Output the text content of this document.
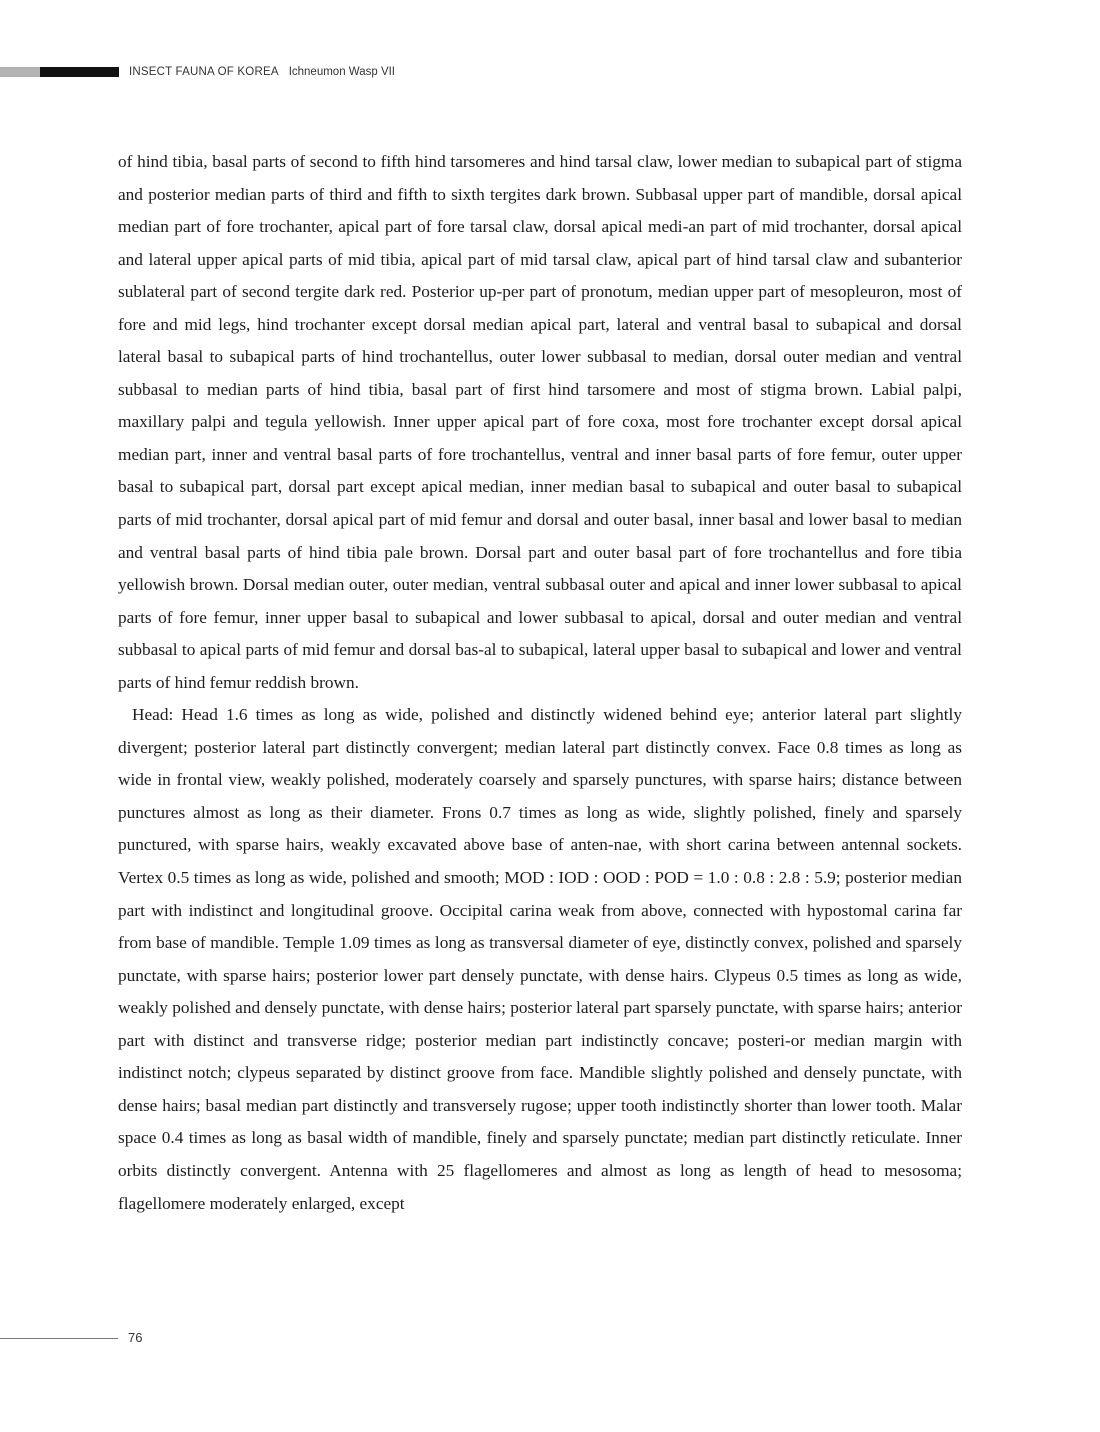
INSECT FAUNA OF KOREA Ichneumon Wasp VII

of hind tibia, basal parts of second to fifth hind tarsomeres and hind tarsal claw, lower median to subapical part of stigma and posterior median parts of third and fifth to sixth tergites dark brown. Subbasal upper part of mandible, dorsal apical median part of fore trochanter, apical part of fore tarsal claw, dorsal apical medi-an part of mid trochanter, dorsal apical and lateral upper apical parts of mid tibia, apical part of mid tarsal claw, apical part of hind tarsal claw and subanterior sublateral part of second tergite dark red. Posterior up-per part of pronotum, median upper part of mesopleuron, most of fore and mid legs, hind trochanter except dorsal median apical part, lateral and ventral basal to subapical and dorsal lateral basal to subapical parts of hind trochantellus, outer lower subbasal to median, dorsal outer median and ventral subbasal to median parts of hind tibia, basal part of first hind tarsomere and most of stigma brown. Labial palpi, maxillary palpi and tegula yellowish. Inner upper apical part of fore coxa, most fore trochanter except dorsal apical median part, inner and ventral basal parts of fore trochantellus, ventral and inner basal parts of fore femur, outer upper basal to subapical part, dorsal part except apical median, inner median basal to subapical and outer basal to subapical parts of mid trochanter, dorsal apical part of mid femur and dorsal and outer basal, inner basal and lower basal to median and ventral basal parts of hind tibia pale brown. Dorsal part and outer basal part of fore trochantellus and fore tibia yellowish brown. Dorsal median outer, outer median, ventral subbasal outer and apical and inner lower subbasal to apical parts of fore femur, inner upper basal to subapical and lower subbasal to apical, dorsal and outer median and ventral subbasal to apical parts of mid femur and dorsal bas-al to subapical, lateral upper basal to subapical and lower and ventral parts of hind femur reddish brown.

Head: Head 1.6 times as long as wide, polished and distinctly widened behind eye; anterior lateral part slightly divergent; posterior lateral part distinctly convergent; median lateral part distinctly convex. Face 0.8 times as long as wide in frontal view, weakly polished, moderately coarsely and sparsely punctures, with sparse hairs; distance between punctures almost as long as their diameter. Frons 0.7 times as long as wide, slightly polished, finely and sparsely punctured, with sparse hairs, weakly excavated above base of anten-nae, with short carina between antennal sockets. Vertex 0.5 times as long as wide, polished and smooth; MOD : IOD : OOD : POD = 1.0 : 0.8 : 2.8 : 5.9; posterior median part with indistinct and longitudinal groove. Occipital carina weak from above, connected with hypostomal carina far from base of mandible. Temple 1.09 times as long as transversal diameter of eye, distinctly convex, polished and sparsely punctate, with sparse hairs; posterior lower part densely punctate, with dense hairs. Clypeus 0.5 times as long as wide, weakly polished and densely punctate, with dense hairs; posterior lateral part sparsely punctate, with sparse hairs; anterior part with distinct and transverse ridge; posterior median part indistinctly concave; posteri-or median margin with indistinct notch; clypeus separated by distinct groove from face. Mandible slightly polished and densely punctate, with dense hairs; basal median part distinctly and transversely rugose; upper tooth indistinctly shorter than lower tooth. Malar space 0.4 times as long as basal width of mandible, finely and sparsely punctate; median part distinctly reticulate. Inner orbits distinctly convergent. Antenna with 25 flagellomeres and almost as long as length of head to mesosoma; flagellomere moderately enlarged, except

76
